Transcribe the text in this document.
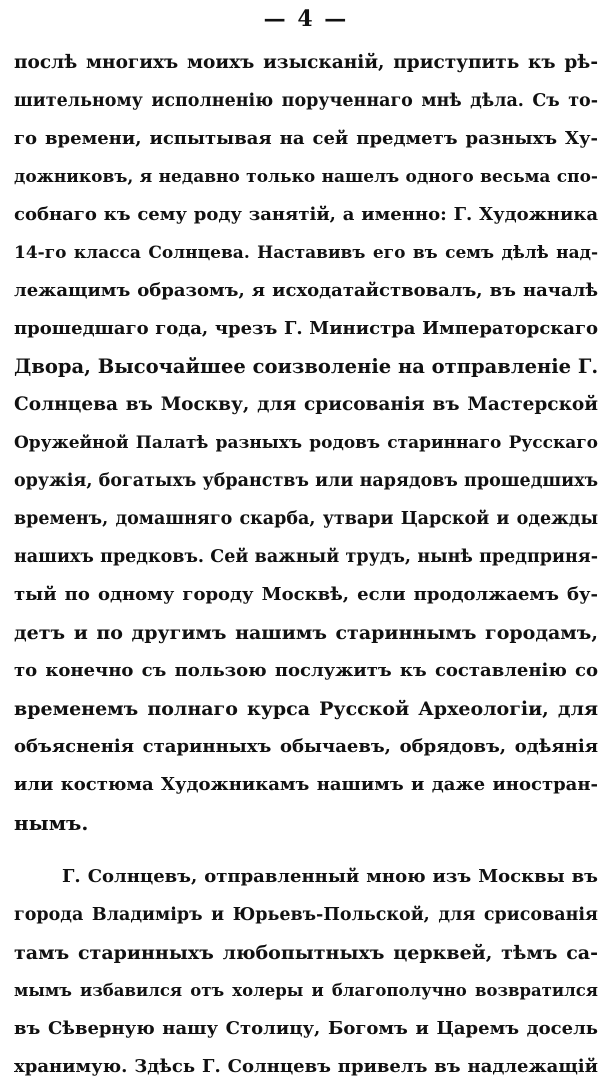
— 4 —
послѣ многихъ моихъ изысканій, приступить къ рѣ-
шительному исполненію порученнаго мнѣ дѣла. Съ то-
го времени, испытывая на сей предметъ разныхъ Ху-
дожниковъ, я недавно только нашелъ одного весьма спо-
собнаго къ сему роду занятій, а именно: Г. Художника
14-го класса Солнцева. Наставивъ его въ семъ дѣлѣ над-
лежащимъ образомъ, я исходатайствовалъ, въ началѣ
прошедшаго года, чрезъ Г. Министра Императорскаго
Двора, Высочайшее соизволеніе на отправленіе Г.
Солнцева въ Москву, для срисованія въ Мастерской
Оружейной Палатѣ разныхъ родовъ стариннаго Русскаго
оружія, богатыхъ убранствъ или нарядовъ прошедшихъ
временъ, домашняго скарба, утвари Царской и одежды
нашихъ предковъ. Сей важный трудъ, нынѣ предприня-
тый по одному городу Москвѣ, если продолжаемъ бу-
детъ и по другимъ нашимъ стариннымъ городамъ,
то конечно съ пользою послужитъ къ составленію со
временемъ полнаго курса Русской Археологіи, для
объясненія старинныхъ обычаевъ, обрядовъ, одѣянія
или костюма Художникамъ нашимъ и даже иностран-
нымъ.
Г. Солнцевъ, отправленный мною изъ Москвы въ
города Владиміръ и Юрьевъ-Польской, для срисованія
тамъ старинныхъ любопытныхъ церквей, тѣмъ са-
мымъ избавился отъ холеры и благополучно возвратился
въ Сѣверную нашу Столицу, Богомъ и Царемъ досель
хранимую. Здѣсь Г. Солнцевъ привелъ въ надлежащій
